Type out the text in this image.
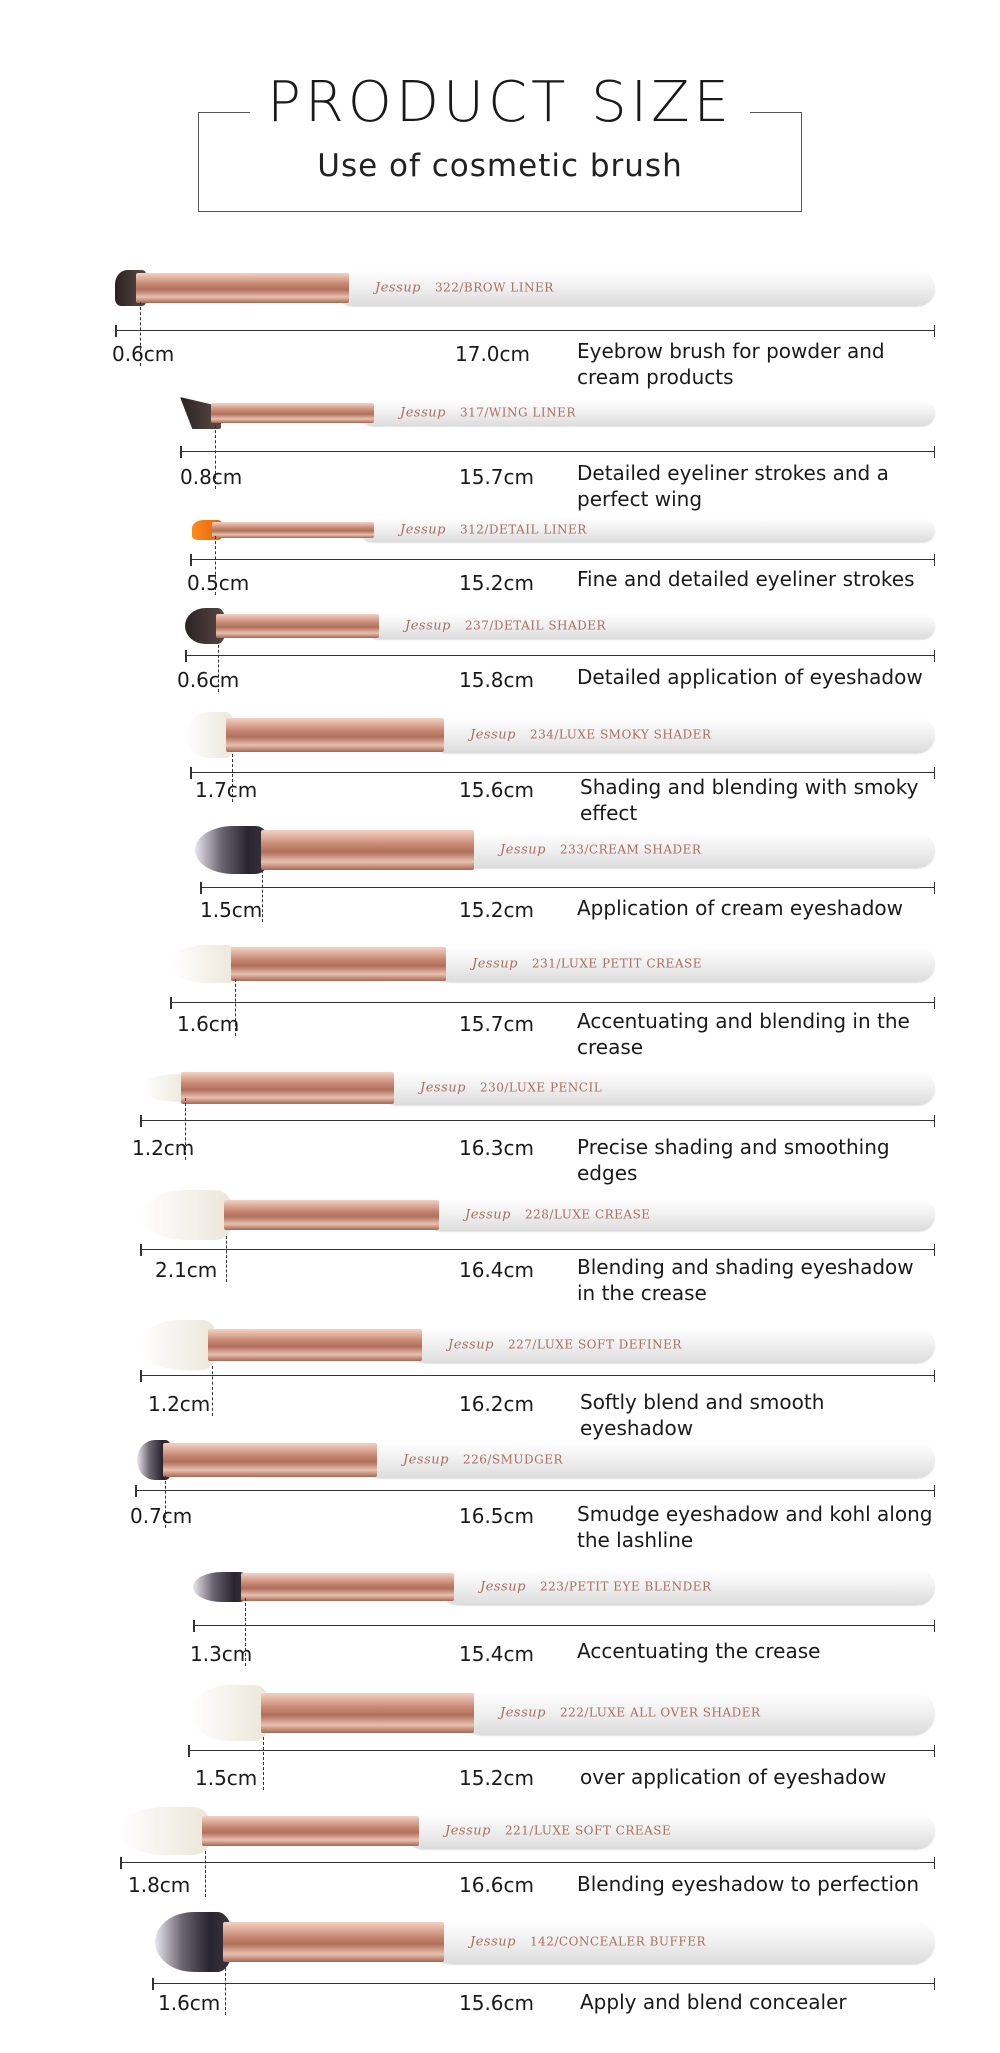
PRODUCT SIZE
Use of cosmetic brush
Jessup 322/BROW LINER
0.6cm	17.0cm Eyebrow brush for powder and cream products
Jessup 317/WING LINER
0.8cm	15.7cm Detailed eyeliner strokes and a perfect wing
Jessup 312/DETAIL LINER
0.5cm	15.2cm Fine and detailed eyeliner strokes
Jessup 237/DETAIL SHADER
0.6cm	15.8cm Detailed application of eyeshadow
Jessup 234/LUXE SMOKY SHADER
1.7cm	15.6cm Shading and blending with smoky effect
Jessup 233/CREAM SHADER
1.5cm	15.2cm Application of cream eyeshadow
Jessup 231/LUXE PETIT CREASE
1.6cm	15.7cm Accentuating and blending in the crease
Jessup 230/LUXE PENCIL
1.2cm	16.3cm Precise shading and smoothing edges
Jessup 228/LUXE CREASE
2.1cm	16.4cm Blending and shading eyeshadow in the crease
Jessup 227/LUXE SOFT DEFINER
1.2cm	16.2cm Softly blend and smooth eyeshadow
Jessup 226/SMUDGER
0.7cm	16.5cm Smudge eyeshadow and kohl along the lashline
Jessup 223/PETIT EYE BLENDER
1.3cm	15.4cm Accentuating the crease
Jessup 222/LUXE ALL OVER SHADER
1.5cm	15.2cm over application of eyeshadow
Jessup 221/LUXE SOFT CREASE
1.8cm	16.6cm Blending eyeshadow to perfection
Jessup 142/CONCEALER BUFFER
1.6cm	15.6cm Apply and blend concealer
